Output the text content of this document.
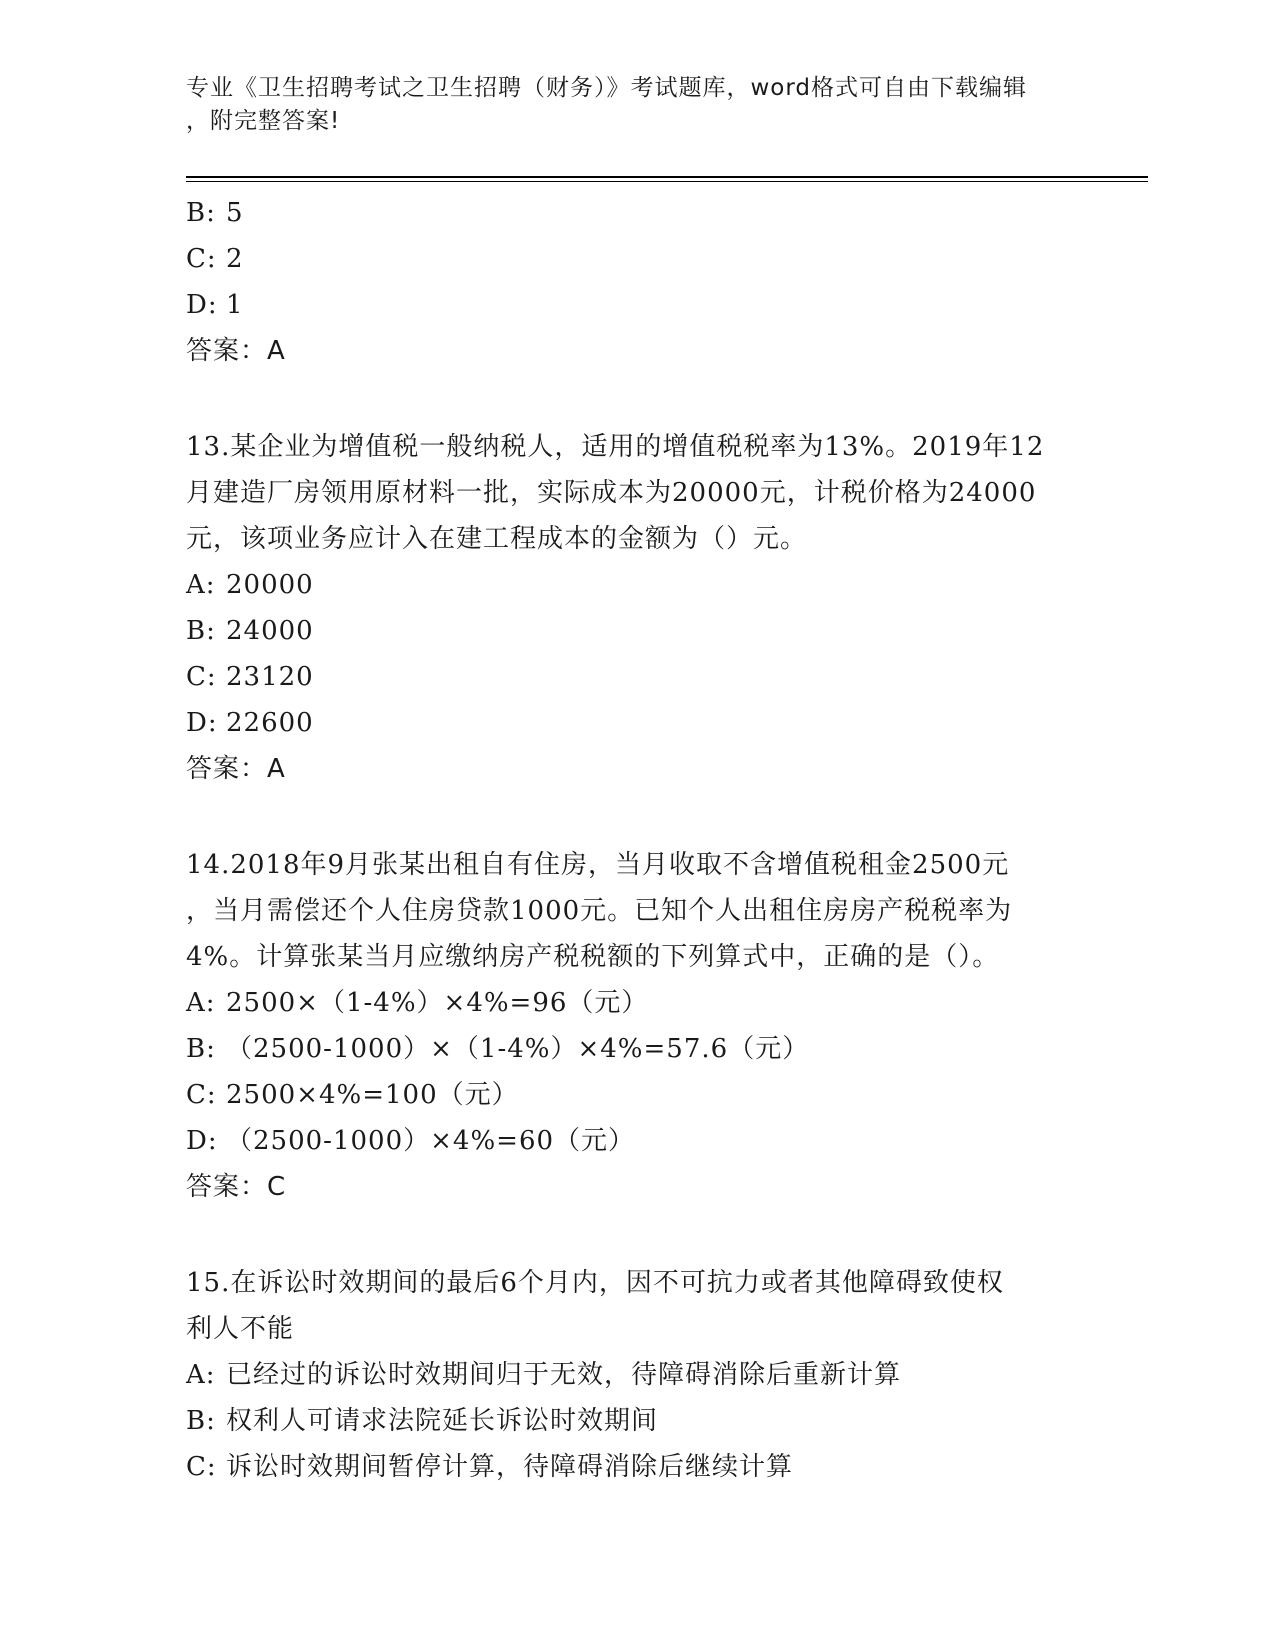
专业《卫生招聘考试之卫生招聘（财务）》考试题库，word格式可自由下载编辑
，附完整答案!
B: 5
C: 2
D: 1
答案：A
13.某企业为增值税一般纳税人，适用的增值税税率为13%。2019年12
月建造厂房领用原材料一批，实际成本为20000元，计税价格为24000
元，该项业务应计入在建工程成本的金额为（）元。
A: 20000
B: 24000
C: 23120
D: 22600
答案：A
14.2018年9月张某出租自有住房，当月收取不含增值税租金2500元
，当月需偿还个人住房贷款1000元。已知个人出租住房房产税税率为
4%。计算张某当月应缴纳房产税税额的下列算式中，正确的是（）。
A: 2500×（1-4%）×4%=96（元）
B: （2500-1000）×（1-4%）×4%=57.6（元）
C: 2500×4%=100（元）
D: （2500-1000）×4%=60（元）
答案：C
15.在诉讼时效期间的最后6个月内，因不可抗力或者其他障碍致使权
利人不能
A: 已经过的诉讼时效期间归于无效，待障碍消除后重新计算
B: 权利人可请求法院延长诉讼时效期间
C: 诉讼时效期间暂停计算，待障碍消除后继续计算
